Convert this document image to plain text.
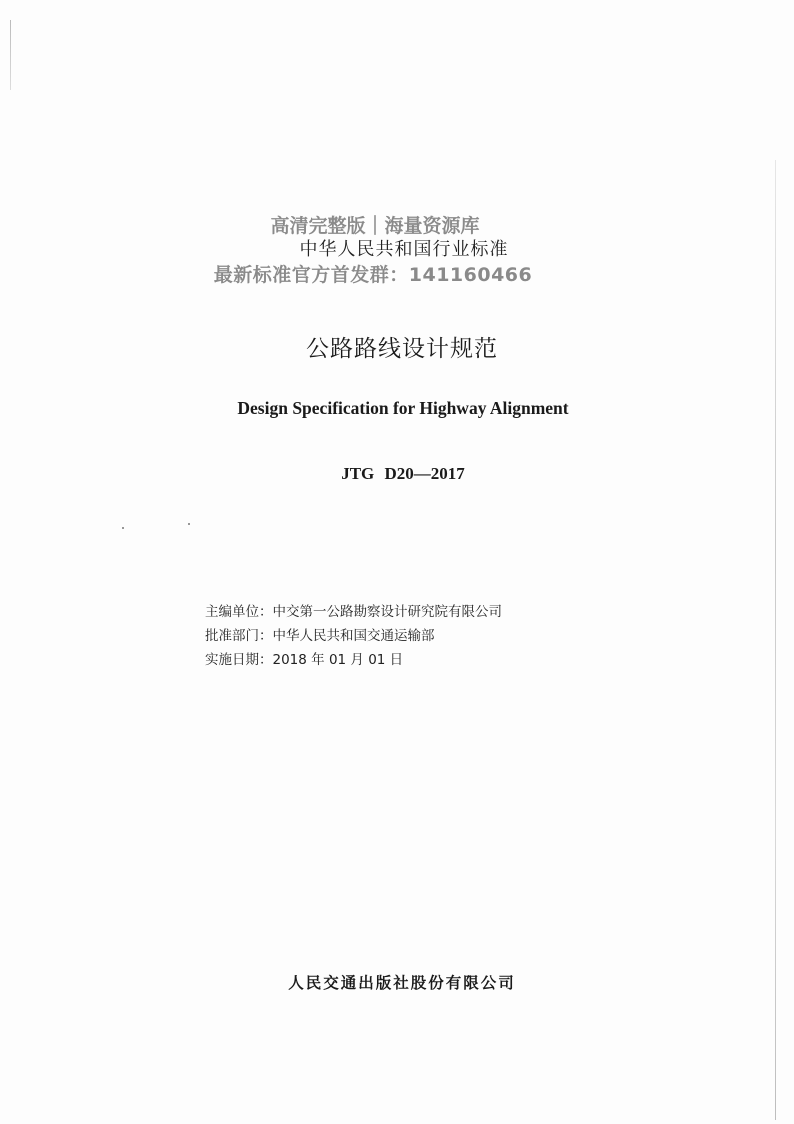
高清完整版｜海量资源库
中华人民共和国行业标准
最新标准官方首发群：141160466
公路路线设计规范
Design Specification for Highway Alignment
JTG D20—2017
主编单位：中交第一公路勘察设计研究院有限公司
批准部门：中华人民共和国交通运输部
实施日期：2018 年 01 月 01 日
人民交通出版社股份有限公司
